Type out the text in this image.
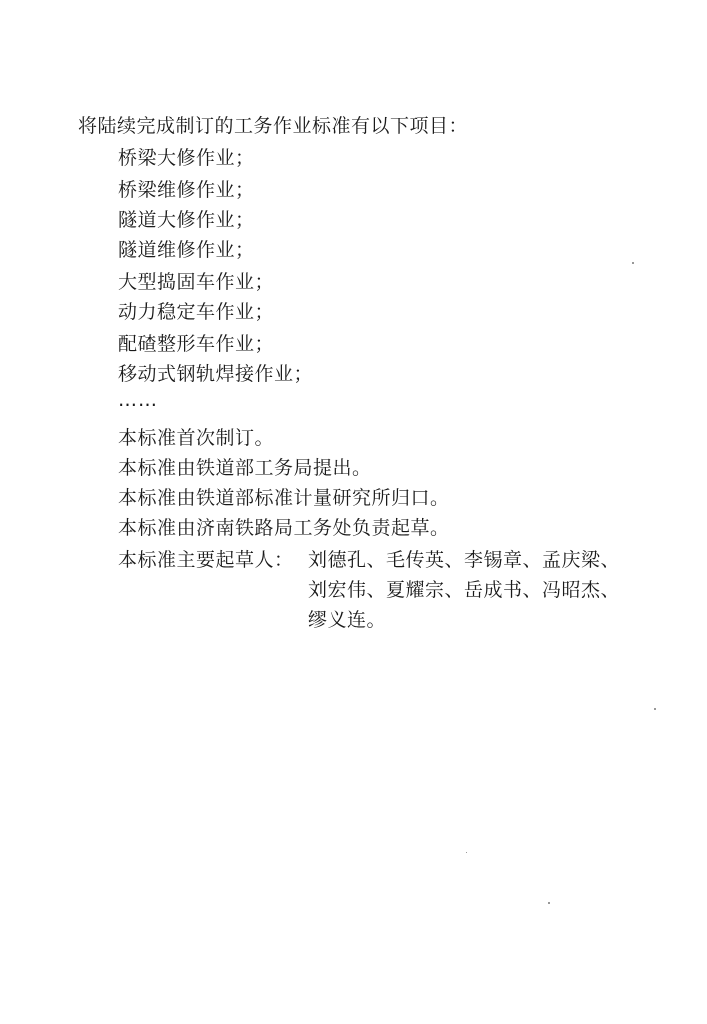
将陆续完成制订的工务作业标准有以下项目：
桥梁大修作业；
桥梁维修作业；
隧道大修作业；
隧道维修作业；
大型捣固车作业；
动力稳定车作业；
配碴整形车作业；
移动式钢轨焊接作业；
……
本标准首次制订。
本标准由铁道部工务局提出。
本标准由铁道部标准计量研究所归口。
本标准由济南铁路局工务处负责起草。
本标准主要起草人： 刘德孔、毛传英、李锡章、孟庆梁、
刘宏伟、夏耀宗、岳成书、冯昭杰、
缪义连。
